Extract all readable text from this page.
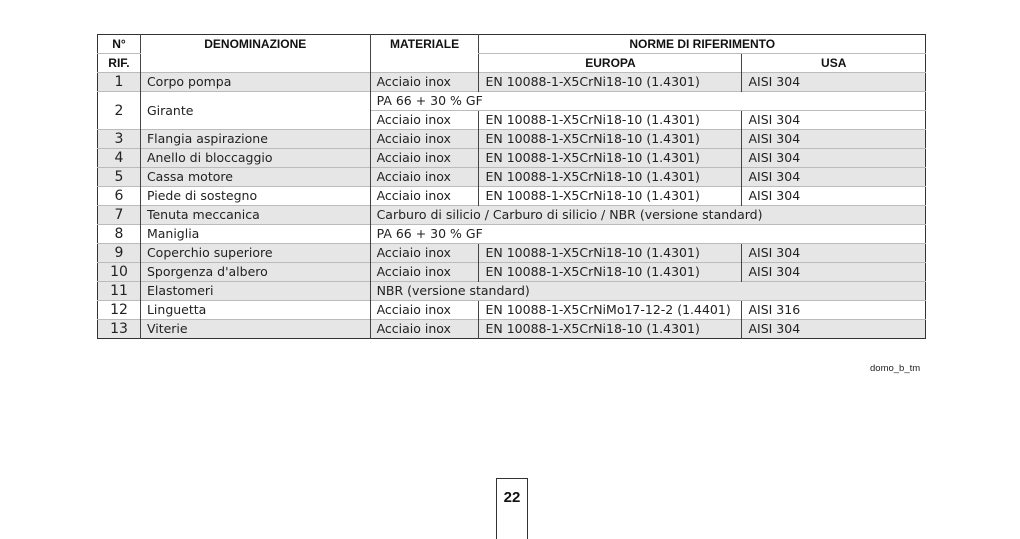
N°	DENOMINAZIONE	MATERIALE	NORME DI RIFERIMENTO	
RIF.			EUROPA	USA
1	Corpo pompa	Acciaio inox	EN 10088-1-X5CrNi18-10 (1.4301)	AISI 304
2	Girante	PA 66 + 30 % GF		
		Acciaio inox	EN 10088-1-X5CrNi18-10 (1.4301)	AISI 304
3	Flangia aspirazione	Acciaio inox	EN 10088-1-X5CrNi18-10 (1.4301)	AISI 304
4	Anello di bloccaggio	Acciaio inox	EN 10088-1-X5CrNi18-10 (1.4301)	AISI 304
5	Cassa motore	Acciaio inox	EN 10088-1-X5CrNi18-10 (1.4301)	AISI 304
6	Piede di sostegno	Acciaio inox	EN 10088-1-X5CrNi18-10 (1.4301)	AISI 304
7	Tenuta meccanica	Carburo di silicio / Carburo di silicio / NBR (versione standard)		
8	Maniglia	PA 66 + 30 % GF		
9	Coperchio superiore	Acciaio inox	EN 10088-1-X5CrNi18-10 (1.4301)	AISI 304
10	Sporgenza d'albero	Acciaio inox	EN 10088-1-X5CrNi18-10 (1.4301)	AISI 304
11	Elastomeri	NBR (versione standard)		
12	Linguetta	Acciaio inox	EN 10088-1-X5CrNiMo17-12-2 (1.4401)	AISI 316
13	Viterie	Acciaio inox	EN 10088-1-X5CrNi18-10 (1.4301)	AISI 304
domo_b_tm
22
